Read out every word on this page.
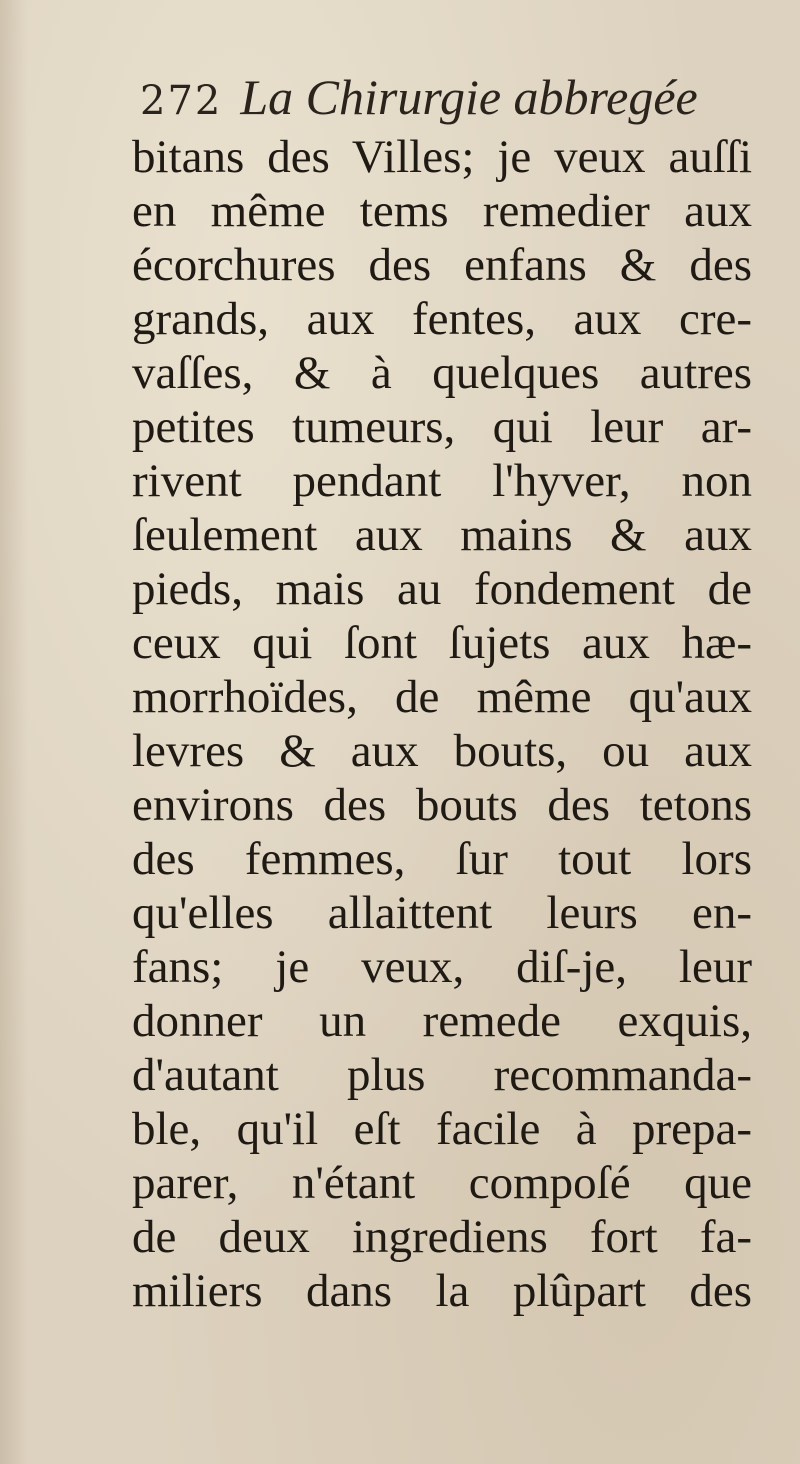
272 La Chirurgie abbregée
bitans des Villes; je veux auſſi
en même tems remedier aux
écorchures des enfans & des
grands, aux fentes, aux cre-
vaſſes, & à quelques autres
petites tumeurs, qui leur ar-
rivent pendant l'hyver, non
ſeulement aux mains & aux
pieds, mais au fondement de
ceux qui ſont ſujets aux hæ-
morrhoïdes, de même qu'aux
levres & aux bouts, ou aux
environs des bouts des tetons
des femmes, ſur tout lors
qu'elles allaittent leurs en-
fans; je veux, diſ-je, leur
donner un remede exquis,
d'autant plus recommanda-
ble, qu'il eſt facile à prepa-
parer, n'étant compoſé que
de deux ingrediens fort fa-
miliers dans la plûpart des
